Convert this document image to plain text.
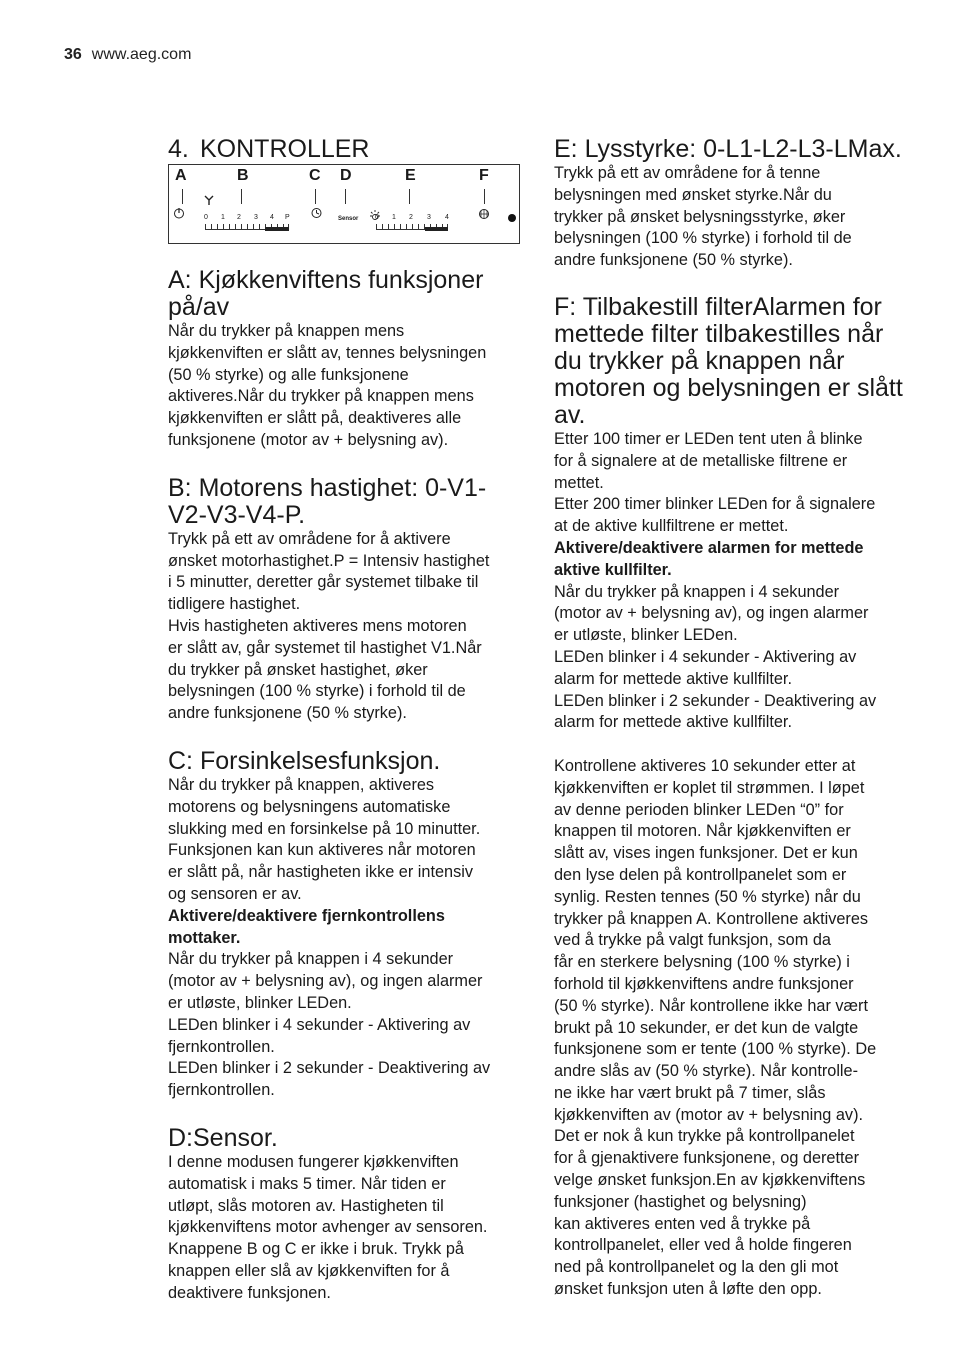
36 www.aeg.com
4. KONTROLLER
A	B	C D	E	F
0 1 2 3 4 P	Sensor 0 1 2 3 4
A: Kjøkkenviftens funksjoner på/av

Når du trykker på knappen mens

kjøkkenviften er slått av, tennes belysningen

(50 % styrke) og alle funksjonene

aktiveres.Når du trykker på knappen mens

kjøkkenviften er slått på, deaktiveres alle

funksjonene (motor av + belysning av).

B: Motorens hastighet: 0-V1-V2-V3-V4-P.

Trykk på ett av områdene for å aktivere

ønsket motorhastighet.P = Intensiv hastighet

i 5 minutter, deretter går systemet tilbake til

tidligere hastighet.

Hvis hastigheten aktiveres mens motoren

er slått av, går systemet til hastighet V1.Når

du trykker på ønsket hastighet, øker

belysningen (100 % styrke) i forhold til de

andre funksjonene (50 % styrke).

C: Forsinkelsesfunksjon.

Når du trykker på knappen, aktiveres

motorens og belysningens automatiske

slukking med en forsinkelse på 10 minutter.

Funksjonen kan kun aktiveres når motoren

er slått på, når hastigheten ikke er intensiv

og sensoren er av.

Aktivere/deaktivere fjernkontrollens

mottaker.

Når du trykker på knappen i 4 sekunder

(motor av + belysning av), og ingen alarmer

er utløste, blinker LEDen.

LEDen blinker i 4 sekunder - Aktivering av

fjernkontrollen.

LEDen blinker i 2 sekunder - Deaktivering av

fjernkontrollen.

D:Sensor.

I denne modusen fungerer kjøkkenviften

automatisk i maks 5 timer. Når tiden er

utløpt, slås motoren av. Hastigheten til

kjøkkenviftens motor avhenger av sensoren.

Knappene B og C er ikke i bruk. Trykk på

knappen eller slå av kjøkkenviften for å

deaktivere funksjonen.

E: Lysstyrke: 0-L1-L2-L3-LMax.

Trykk på ett av områdene for å tenne

belysningen med ønsket styrke.Når du

trykker på ønsket belysningsstyrke, øker

belysningen (100 % styrke) i forhold til de

andre funksjonene (50 % styrke).

F: Tilbakestill filterAlarmen for mettede filter tilbakestilles når du trykker på knappen når motoren og belysningen er slått av.

Etter 100 timer er LEDen tent uten å blinke

for å signalere at de metalliske filtrene er

mettet.

Etter 200 timer blinker LEDen for å signalere

at de aktive kullfiltrene er mettet.

Aktivere/deaktivere alarmen for mettede

aktive kullfilter.

Når du trykker på knappen i 4 sekunder

(motor av + belysning av), og ingen alarmer

er utløste, blinker LEDen.

LEDen blinker i 4 sekunder - Aktivering av

alarm for mettede aktive kullfilter.

LEDen blinker i 2 sekunder - Deaktivering av

alarm for mettede aktive kullfilter.

Kontrollene aktiveres 10 sekunder etter at

kjøkkenviften er koplet til strømmen. I løpet

av denne perioden blinker LEDen “0” for

knappen til motoren. Når kjøkkenviften er

slått av, vises ingen funksjoner. Det er kun

den lyse delen på kontrollpanelet som er

synlig. Resten tennes (50 % styrke) når du

trykker på knappen A. Kontrollene aktiveres

ved å trykke på valgt funksjon, som da

får en sterkere belysning (100 % styrke) i

forhold til kjøkkenviftens andre funksjoner

(50 % styrke). Når kontrollene ikke har vært

brukt på 10 sekunder, er det kun de valgte

funksjonene som er tente (100 % styrke). De

andre slås av (50 % styrke). Når kontrolle-

ne ikke har vært brukt på 7 timer, slås

kjøkkenviften av (motor av + belysning av).

Det er nok å kun trykke på kontrollpanelet

for å gjenaktivere funksjonene, og deretter

velge ønsket funksjon.En av kjøkkenviftens

funksjoner (hastighet og belysning)

kan aktiveres enten ved å trykke på

kontrollpanelet, eller ved å holde fingeren

ned på kontrollpanelet og la den gli mot

ønsket funksjon uten å løfte den opp.
